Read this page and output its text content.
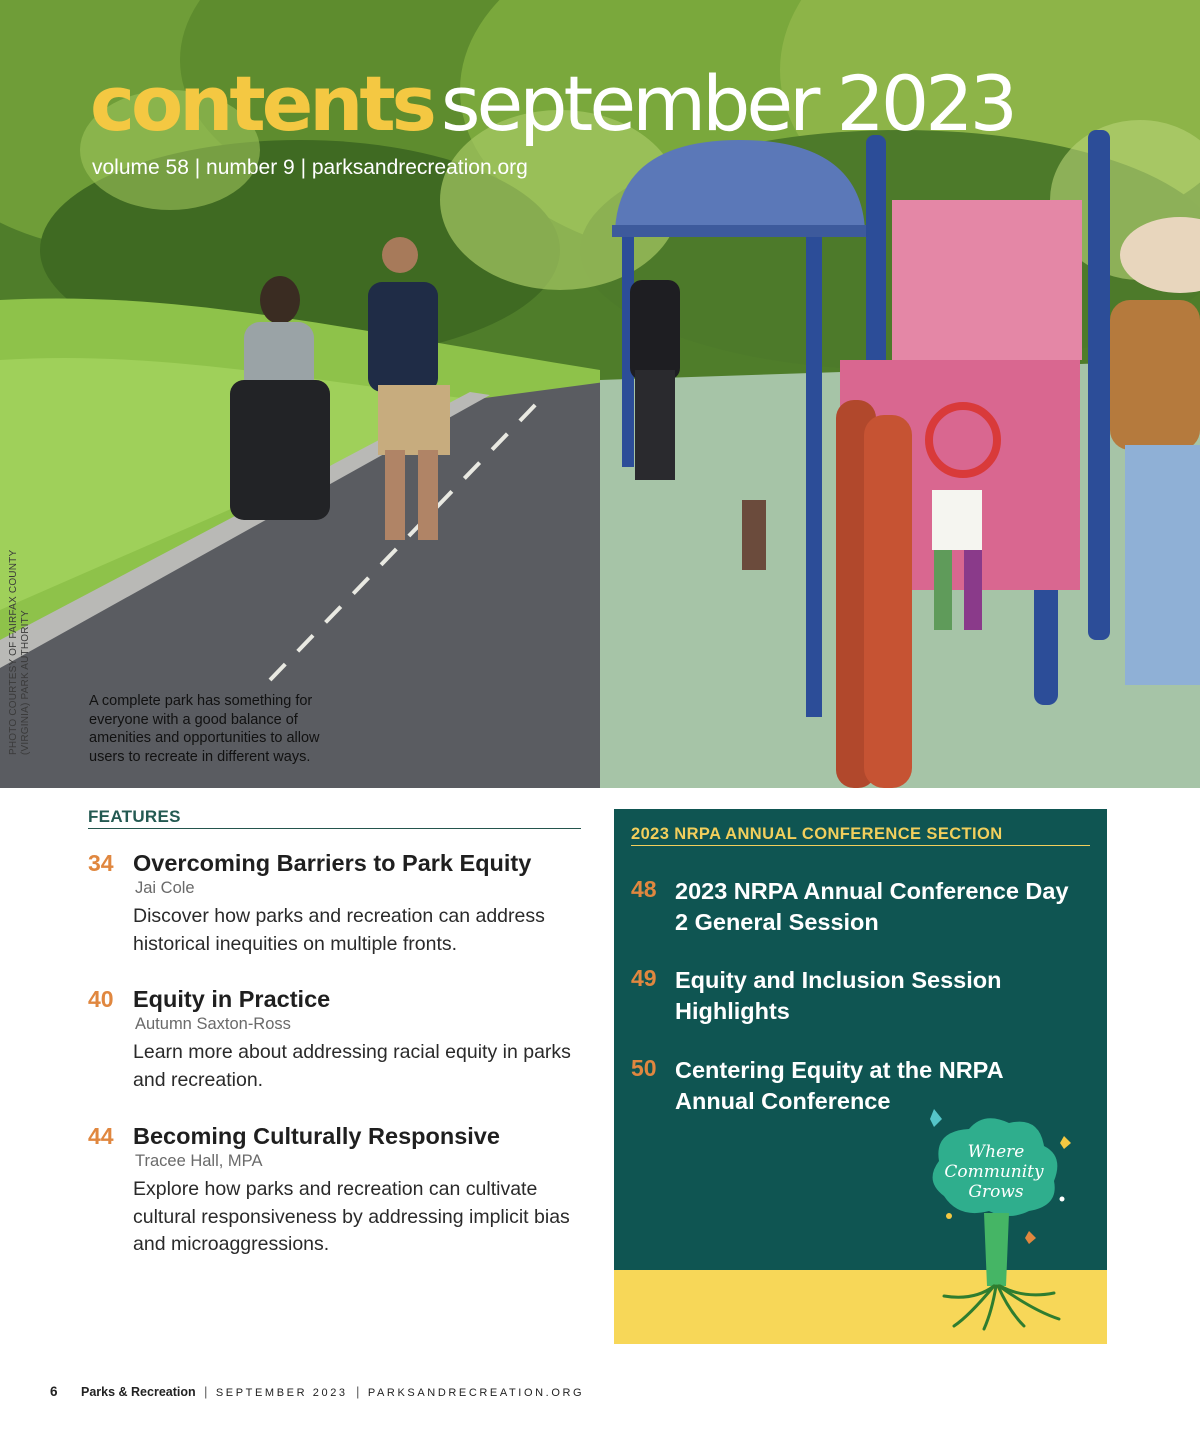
contents september 2023
volume 58 | number 9 | parksandrecreation.org
A complete park has something for everyone with a good balance of amenities and opportunities to allow users to recreate in different ways.
PHOTO COURTESY OF FAIRFAX COUNTY (VIRGINIA) PARK AUTHORITY
FEATURES
34 Overcoming Barriers to Park Equity
Jai Cole
Discover how parks and recreation can address historical inequities on multiple fronts.
40 Equity in Practice
Autumn Saxton-Ross
Learn more about addressing racial equity in parks and recreation.
44 Becoming Culturally Responsive
Tracee Hall, MPA
Explore how parks and recreation can cultivate cultural responsiveness by addressing implicit bias and microaggressions.
2023 NRPA ANNUAL CONFERENCE SECTION
48 2023 NRPA Annual Conference Day 2 General Session
49 Equity and Inclusion Session Highlights
50 Centering Equity at the NRPA Annual Conference
Where
Community
Grows
6 Parks & Recreation | SEPTEMBER 2023 | PARKSANDRECREATION.ORG
